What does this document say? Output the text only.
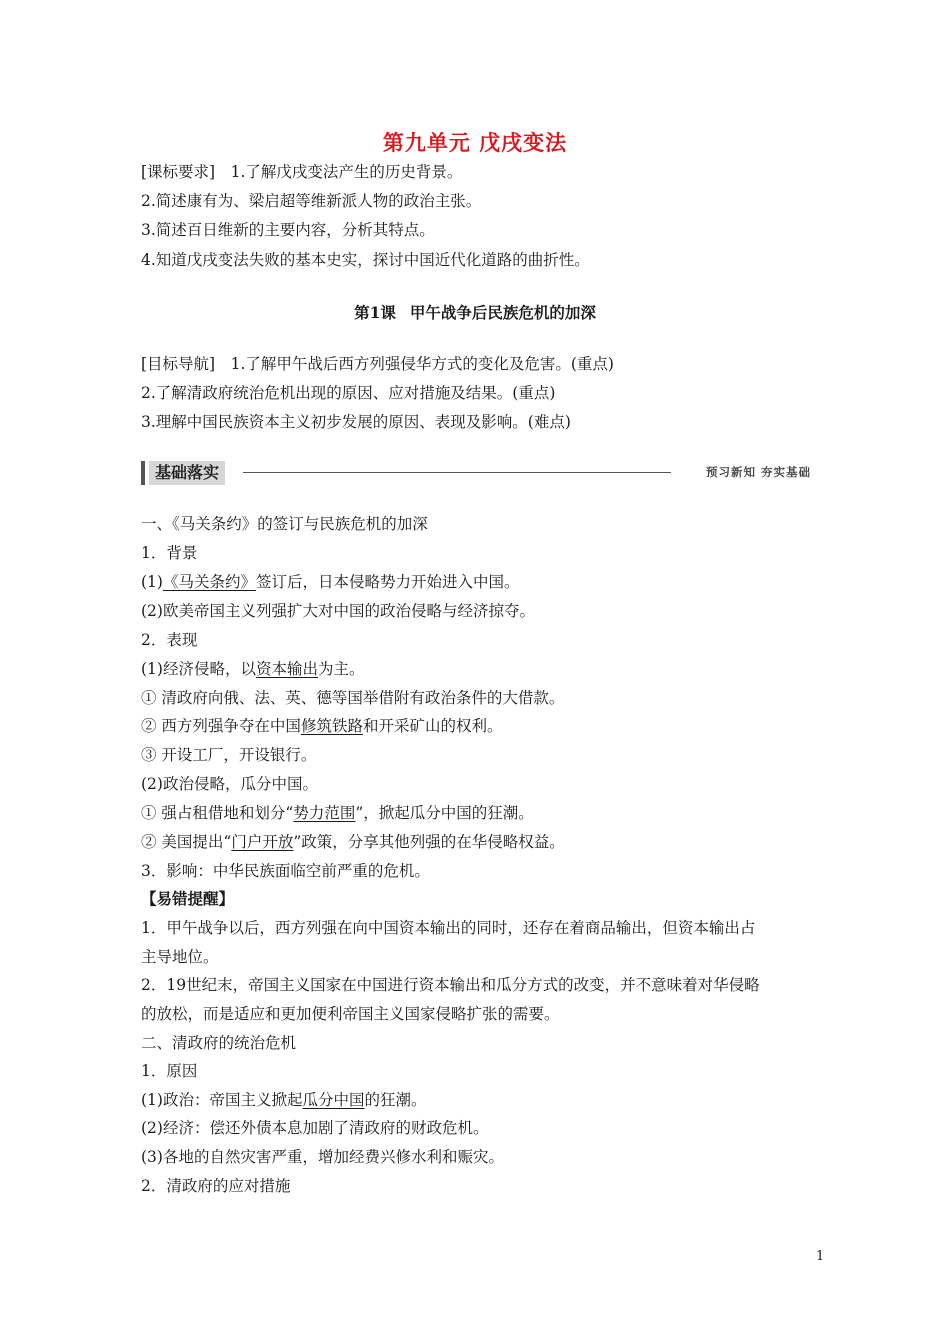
第九单元 戊戌变法
[课标要求]　1.了解戊戌变法产生的历史背景。
2.简述康有为、梁启超等维新派人物的政治主张。
3.简述百日维新的主要内容，分析其特点。
4.知道戊戌变法失败的基本史实，探讨中国近代化道路的曲折性。
第1课 甲午战争后民族危机的加深
[目标导航]　1.了解甲午战后西方列强侵华方式的变化及危害。(重点)
2.了解清政府统治危机出现的原因、应对措施及结果。(重点)
3.理解中国民族资本主义初步发展的原因、表现及影响。(难点)
基础落实	预习新知 夯实基础
一、《马关条约》的签订与民族危机的加深
1．背景
(1)《马关条约》签订后，日本侵略势力开始进入中国。
(2)欧美帝国主义列强扩大对中国的政治侵略与经济掠夺。
2．表现
(1)经济侵略，以资本输出为主。
① 清政府向俄、法、英、德等国举借附有政治条件的大借款。
② 西方列强争夺在中国修筑铁路和开采矿山的权利。
③ 开设工厂，开设银行。
(2)政治侵略，瓜分中国。
① 强占租借地和划分“势力范围”，掀起瓜分中国的狂潮。
② 美国提出“门户开放”政策，分享其他列强的在华侵略权益。
3．影响：中华民族面临空前严重的危机。
【易错提醒】
1．甲午战争以后，西方列强在向中国资本输出的同时，还存在着商品输出，但资本输出占
主导地位。
2．19世纪末，帝国主义国家在中国进行资本输出和瓜分方式的改变，并不意味着对华侵略
的放松，而是适应和更加便利帝国主义国家侵略扩张的需要。
二、清政府的统治危机
1．原因
(1)政治：帝国主义掀起瓜分中国的狂潮。
(2)经济：偿还外债本息加剧了清政府的财政危机。
(3)各地的自然灾害严重，增加经费兴修水利和赈灾。
2．清政府的应对措施
1
